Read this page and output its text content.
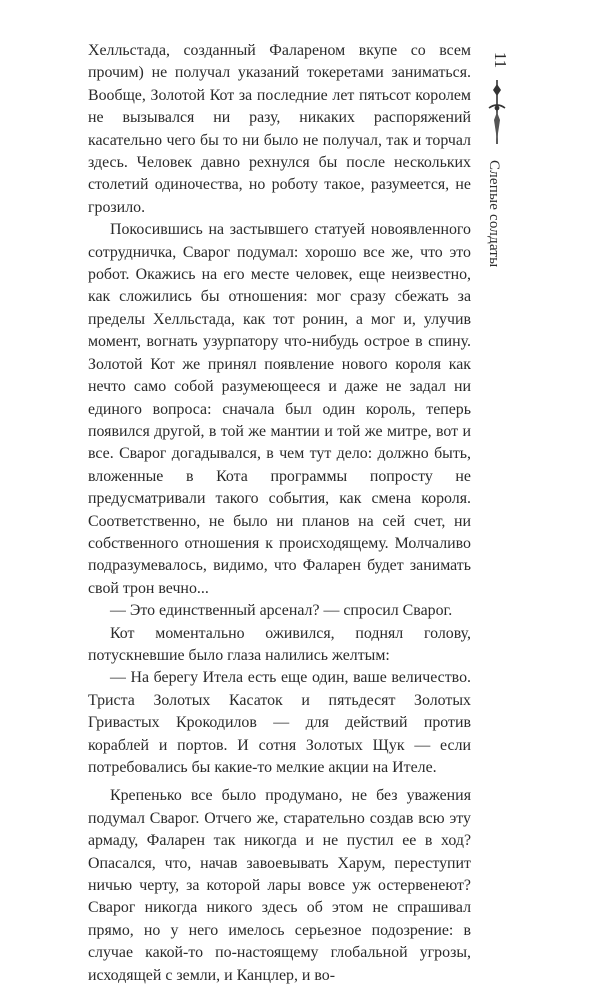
Хелльстада, созданный Фалареном вкупе со всем прочим) не получал указаний токеретами заниматься. Вообще, Золотой Кот за последние лет пятьсот королем не вызывался ни разу, никаких распоряжений касательно чего бы то ни было не получал, так и торчал здесь. Человек давно рехнулся бы после нескольких столетий одиночества, но роботу такое, разумеется, не грозило.

Покосившись на застывшего статуей новоявленного сотрудничка, Сварог подумал: хорошо все же, что это робот. Окажись на его месте человек, еще неизвестно, как сложились бы отношения: мог сразу сбежать за пределы Хелльстада, как тот ронин, а мог и, улучив момент, вогнать узурпатору что-нибудь острое в спину. Золотой Кот же принял появление нового короля как нечто само собой разумеющееся и даже не задал ни единого вопроса: сначала был один король, теперь появился другой, в той же мантии и той же митре, вот и все. Сварог догадывался, в чем тут дело: должно быть, вложенные в Кота программы попросту не предусматривали такого события, как смена короля. Соответственно, не было ни планов на сей счет, ни собственного отношения к происходящему. Молчаливо подразумевалось, видимо, что Фаларен будет занимать свой трон вечно...

— Это единственный арсенал? — спросил Сварог.

Кот моментально оживился, поднял голову, потускневшие было глаза налились желтым:

— На берегу Итела есть еще один, ваше величество. Триста Золотых Касаток и пятьдесят Золотых Гривастых Крокодилов — для действий против кораблей и портов. И сотня Золотых Щук — если потребовались бы какие-то мелкие акции на Ителе.

Крепенько все было продумано, не без уважения подумал Сварог. Отчего же, старательно создав всю эту армаду, Фаларен так никогда и не пустил ее в ход? Опасался, что, начав завоевывать Харум, переступит ничью черту, за которой лары вовсе уж остервенеют? Сварог никогда никого здесь об этом не спрашивал прямо, но у него имелось серьезное подозрение: в случае какой-то по-настоящему глобальной угрозы, исходящей с земли, и Канцлер, и во-

11
Слепые солдаты
